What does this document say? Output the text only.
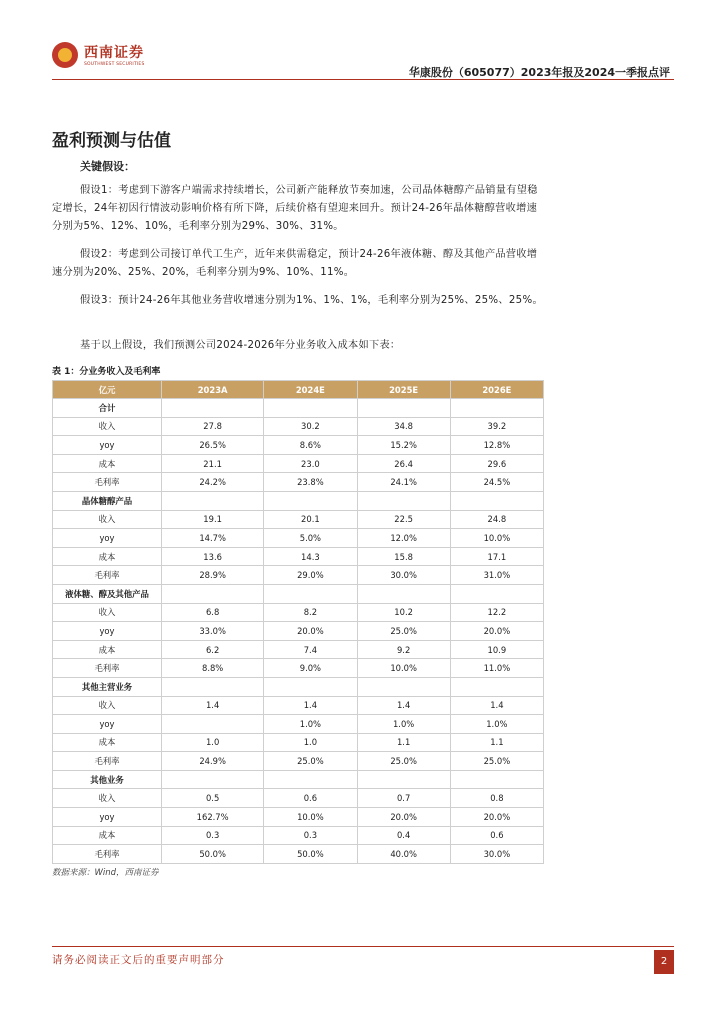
西南证券
SOUTHWEST SECURITIES
华康股份（605077）2023年报及2024一季报点评
盈利预测与估值
关键假设：
假设1：考虑到下游客户端需求持续增长，公司新产能释放节奏加速，公司晶体糖醇产品销量有望稳定增长，24年初因行情波动影响价格有所下降，后续价格有望迎来回升。预计24-26年晶体糖醇营收增速分别为5%、12%、10%，毛利率分别为29%、30%、31%。
假设2：考虑到公司接订单代工生产，近年来供需稳定，预计24-26年液体糖、醇及其他产品营收增速分别为20%、25%、20%，毛利率分别为9%、10%、11%。
假设3：预计24-26年其他业务营收增速分别为1%、1%、1%，毛利率分别为25%、25%、25%。
基于以上假设，我们预测公司2024-2026年分业务收入成本如下表：
表 1：分业务收入及毛利率
亿元	2023A	2024E	2025E	2026E
合计				
收入	27.8	30.2	34.8	39.2
yoy	26.5%	8.6%	15.2%	12.8%
成本	21.1	23.0	26.4	29.6
毛利率	24.2%	23.8%	24.1%	24.5%
晶体糖醇产品				
收入	19.1	20.1	22.5	24.8
yoy	14.7%	5.0%	12.0%	10.0%
成本	13.6	14.3	15.8	17.1
毛利率	28.9%	29.0%	30.0%	31.0%
液体糖、醇及其他产品				
收入	6.8	8.2	10.2	12.2
yoy	33.0%	20.0%	25.0%	20.0%
成本	6.2	7.4	9.2	10.9
毛利率	8.8%	9.0%	10.0%	11.0%
其他主营业务				
收入	1.4	1.4	1.4	1.4
yoy		1.0%	1.0%	1.0%
成本	1.0	1.0	1.1	1.1
毛利率	24.9%	25.0%	25.0%	25.0%
其他业务				
收入	0.5	0.6	0.7	0.8
yoy	162.7%	10.0%	20.0%	20.0%
成本	0.3	0.3	0.4	0.6
毛利率	50.0%	50.0%	40.0%	30.0%
数据来源：Wind，西南证券
请务必阅读正文后的重要声明部分	2
